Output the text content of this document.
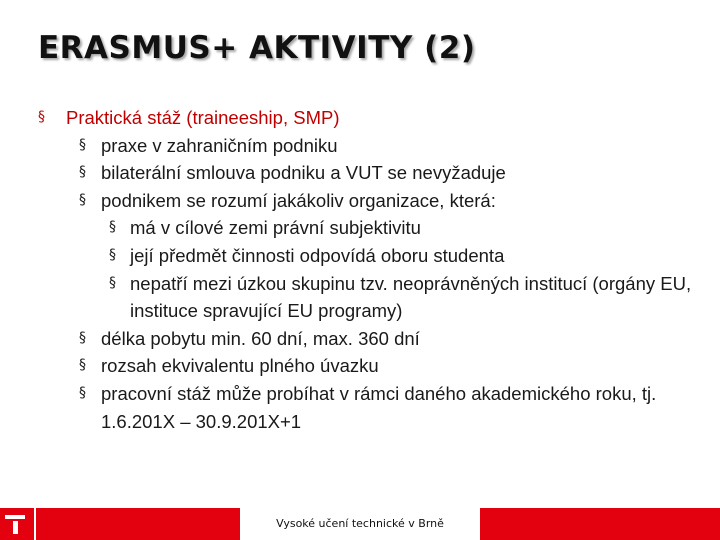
ERASMUS+ AKTIVITY (2)
§ Praktická stáž (traineeship, SMP)
§ praxe v zahraničním podniku
§ bilaterální smlouva podniku a VUT se nevyžaduje
§ podnikem se rozumí jakákoliv organizace, která:
§ má v cílové zemi právní subjektivitu
§ její předmět činnosti odpovídá oboru studenta
§ nepatří mezi úzkou skupinu tzv. neoprávněných institucí (orgány EU, instituce spravující EU programy)
§ délka pobytu min. 60 dní, max. 360 dní
§ rozsah ekvivalentu plného úvazku
§ pracovní stáž může probíhat v rámci daného akademického roku, tj. 1.6.201X – 30.9.201X+1
Vysoké učení technické v Brně
